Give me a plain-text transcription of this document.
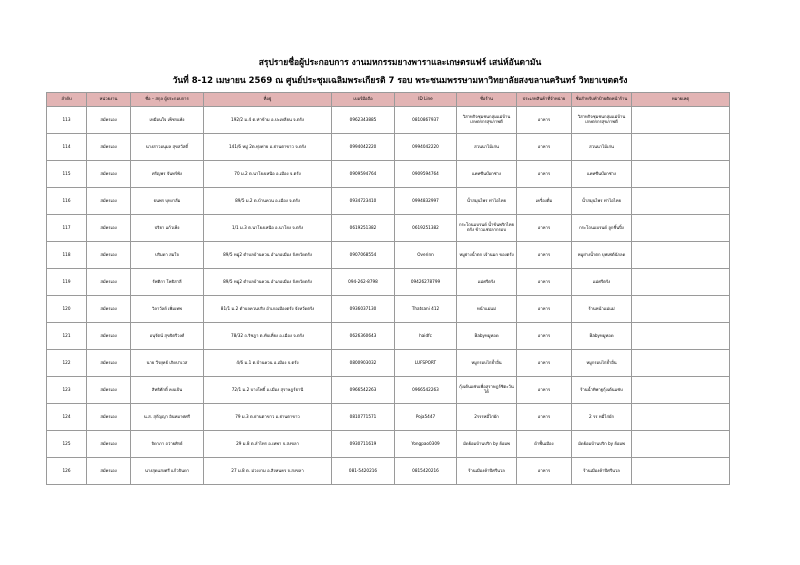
สรุปรายชื่อผู้ประกอบการ งานมหกรรมยางพาราและเกษตรแฟร์ เสน่ห์อันดามัน
วันที่ 8-12 เมษายน 2569 ณ ศูนย์ประชุมเฉลิมพระเกียรติ 7 รอบ พระชนมพรรษามหาวิทยาลัยสงขลานครินทร์ วิทยาเขตตรัง
ลำดับ	หน่วยงาน	ชื่อ – สกุล ผู้ประกอบการ	ที่อยู่	เบอร์มือถือ	ID Line	ชื่อร้าน	ประเภทสินค้าที่จำหน่าย	ชื่อสำหรับทำป้ายติดหน้าร้าน	หมายเหตุ
113	สมัครเอง	เหมือนใจ เพ็ชรแพ้ง	192/2 ม.4 ต.ท่าข้าม อ.ปะเหลียน จ.ตรัง	0962343885	0810867937	วิสาหกิจชุมชนกลุ่มแม่บ้านเกษตรกรสุขภาพดี	อาหาร	วิสาหกิจชุมชนกลุ่มแม่บ้านเกษตรกรสุขภาพดี	
114	สมัครเอง	นางสาวอนุมล สุขสวัสดิ์	141/6 หมู่ 2ต.ทุ่งค่าย อ.ย่านตาขาว จ.ตรัง	0994042220	0994042220	สวนนาไม้เก่น	อาหาร	สวนนาไม้เก่น	
115	สมัครเอง	ศรัญพร จันทร์พัง	70 ม.2 ต.นาโยงเหนือ อ.เมือง จ.ตรัง	0909594764	0909594764	แคทซีนบ๊อกซ่าง	อาหาร	แคทซีนบ๊อกซ่าง	
116	สมัครเอง	ธนพร บุหงาส้ม	89/5 ม.2 ต.บ้านควน อ.เมือง จ.ตรัง	0934723410	0994832997	น้ำสมุนไพร ท่าไอไทย	เครื่องดื่ม	น้ำสมุนไพร ท่าไอไทย	
117	สมัครเอง	ปริยา แก้วเพ็ง	1/1 ม.3 ต.นาโยงเหนือ อ.นาโยง จ.ตรัง	0619251382	0619251382	กระโถนแบรนด์ น้ำข้นพริกไทยตรัง ข้าวแช่ปลากรอบ	อาหาร	กระโถนแบรนด์ ลูกชิ้นปิ้ง	
118	สมัครเอง	ปริมดา สมใจ	89/5 หมู่2 ตำบลบ้านควน อำเภอเมือง จังหวัดตรัง	0907068554	Overinn	หมูย่างน้ำตก เจ้านมก ของตรัง	อาหาร	หมูย่างน้ำตก บุฟเฟ่ต์นักลด	
119	สมัครเอง	รัฟติกา โพธิสาลี	89/5 หมู่2 ตำบลบ้านควน อำเภอเมือง จังหวัดตรัง	094-262-8798	09426278799	แม่ศรีตรัง	อาหาร	แม่ศรีตรัง	
120	สมัครเอง	วิลาวัลย์ เพิ่มเทพ	81/1 ม.2 ตำบลควนปริง อำเภอเมืองตรัง จังหวัดตรัง	0936037130	Thatsani 412	หน้าแม่แม่	อาหาร	ร้านหน้าแม่แม่	
121	สมัครเอง	อนุรัตน์ สุขจิตรีวงศ์	78/32 ถ.ริชฎา ต.ทับเที่ยง อ.เมือง จ.ตรัง	0626360643	haidfc	Babyหมูทอด	อาหาร	Babyหมูทอด	
122	สมัครเอง	นาย วีรยุทธ์ เกิดปาเวส	4/6 ม.1 ต.บ้านควน อ.เมือง จ.ตรัง	0800903032	LUFSPORT	หมูกรอบไก่ย้ำอื่น	อาหาร	หมูกรอบไก่ย้ำอื่น	
123	สมัครเอง	สิทธิศักดิ์ คงแป้น	72/1 ม.2 บางโพธิ์ อ.เมือง สุราษฎร์ธานี	0966542263	0966542263	กุ้งเต้นแซ่บเพื่อสุราษฎร์ซิตะวันได้	อาหาร	ร้านน้ำทิพาฐกุ้งเต้นแซ่บ	
124	สมัครเอง	น.ส. สุกัญญา อินทมาศศรี	79 ม.3 ต.ย่านตาขาว อ.ย่านตาขาว	0810771571	Poja5447	2รรรหมี่ไก่ผัก	อาหาร	2 รร หมี่ไก่ผัก	
125	สมัครเอง	จิดาภา ถว่ายศิรย์	29 ม.8 ต.ลำไทร อ.เทพา จ.สงขลา	0930711619	Yongpao0309	มัดย้อมบ้านปริก by ย้อมพ	ผ้าพื้นเมือง	มัดย้อมบ้านปริก by ย้อมพ	
126	สมัครเอง	นางสุดแสงศรี แก้วจินดา	27 ม.8 ต. ม่วงงาม อ.สิงหนคร จ.สงขลา	081-5420216	0815420216	ร้านเมืองค้าปีศรีนวล	อาหาร	ร้านเมืองค้าปีศรีนวล	
